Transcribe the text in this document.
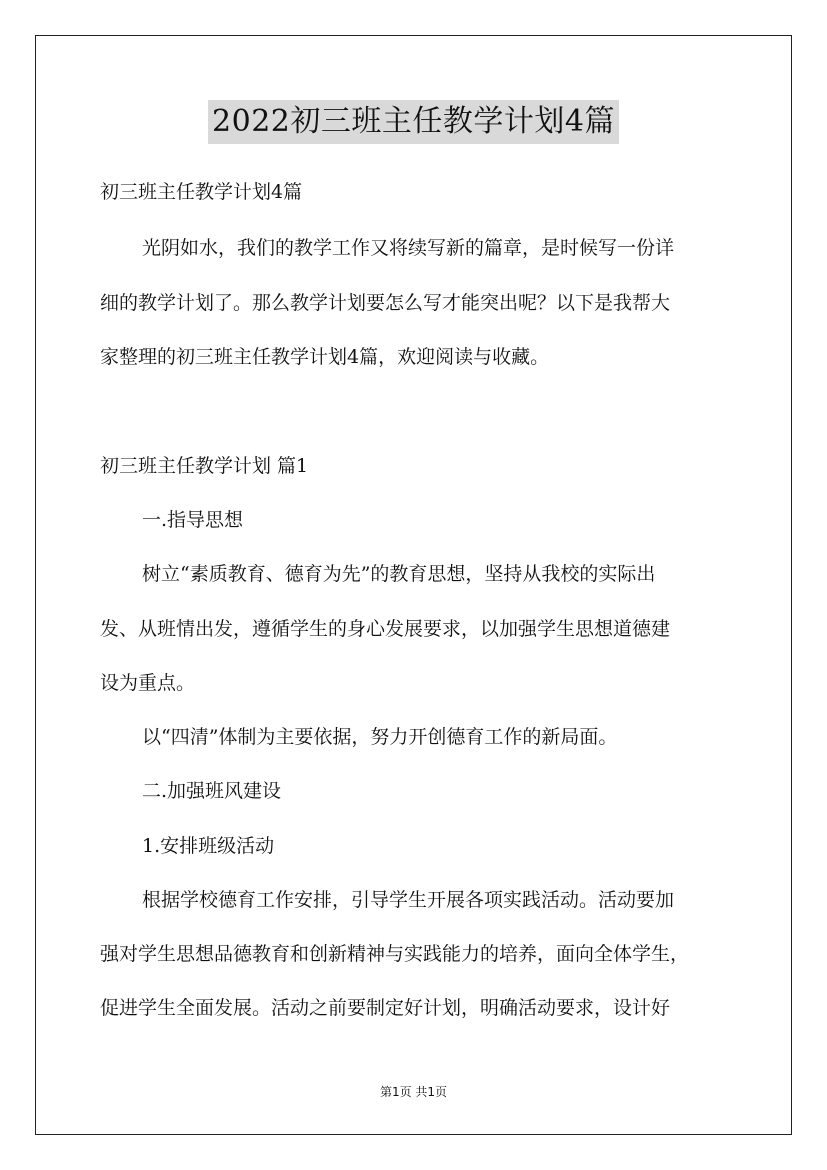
2022初三班主任教学计划4篇
初三班主任教学计划4篇
光阴如水，我们的教学工作又将续写新的篇章，是时候写一份详
细的教学计划了。那么教学计划要怎么写才能突出呢？以下是我帮大
家整理的初三班主任教学计划4篇，欢迎阅读与收藏。
初三班主任教学计划 篇1
一.指导思想
树立“素质教育、德育为先”的教育思想，坚持从我校的实际出
发、从班情出发，遵循学生的身心发展要求，以加强学生思想道德建
设为重点。
以“四清”体制为主要依据，努力开创德育工作的新局面。
二.加强班风建设
1.安排班级活动
根据学校德育工作安排，引导学生开展各项实践活动。活动要加
强对学生思想品德教育和创新精神与实践能力的培养，面向全体学生，
促进学生全面发展。活动之前要制定好计划，明确活动要求，设计好
第1页 共1页
